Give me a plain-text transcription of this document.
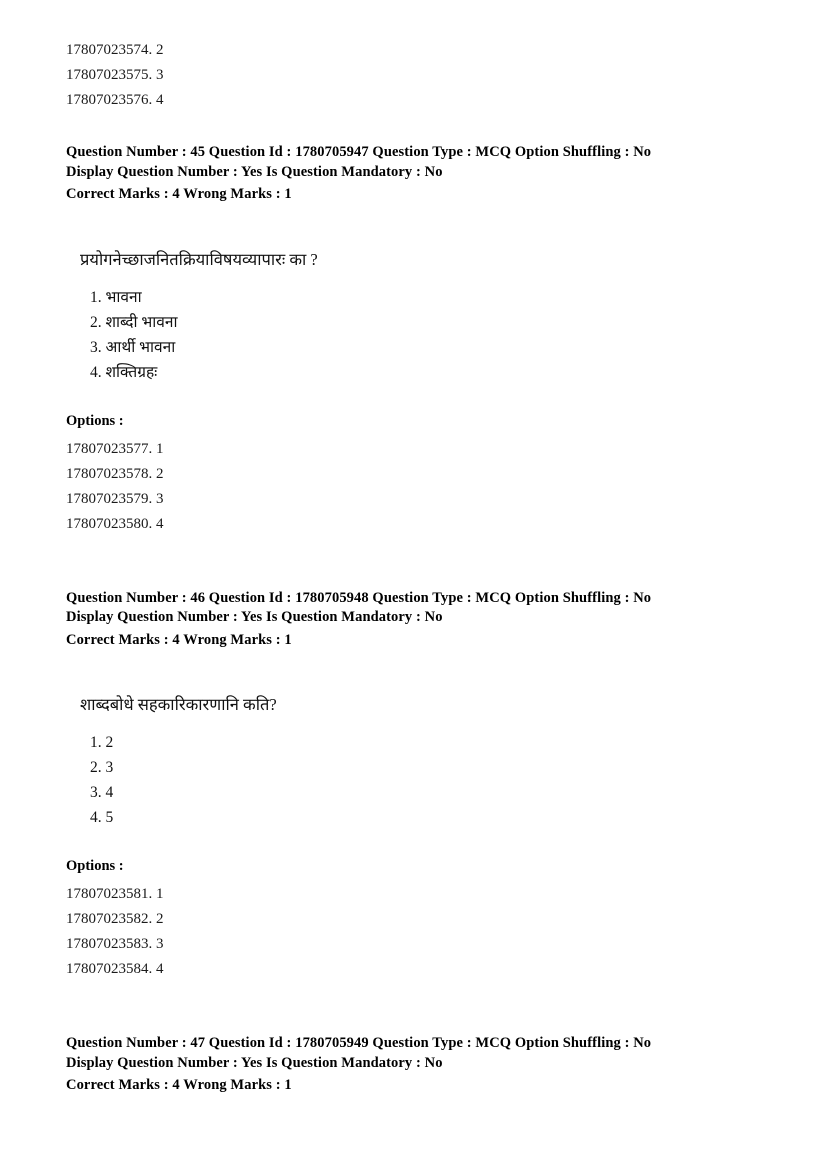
17807023574. 2
17807023575. 3
17807023576. 4
Question Number : 45 Question Id : 1780705947 Question Type : MCQ Option Shuffling : No
Display Question Number : Yes Is Question Mandatory : No
Correct Marks : 4 Wrong Marks : 1
प्रयोगनेच्छाजनितक्रियाविषयव्यापारः का ?
1. भावना
2. शाब्दी भावना
3. आर्थी भावना
4. शक्तिग्रहः
Options :
17807023577. 1
17807023578. 2
17807023579. 3
17807023580. 4
Question Number : 46 Question Id : 1780705948 Question Type : MCQ Option Shuffling : No
Display Question Number : Yes Is Question Mandatory : No
Correct Marks : 4 Wrong Marks : 1
शाब्दबोधे सहकारिकारणानि कति?
1. 2
2. 3
3. 4
4. 5
Options :
17807023581. 1
17807023582. 2
17807023583. 3
17807023584. 4
Question Number : 47 Question Id : 1780705949 Question Type : MCQ Option Shuffling : No
Display Question Number : Yes Is Question Mandatory : No
Correct Marks : 4 Wrong Marks : 1
